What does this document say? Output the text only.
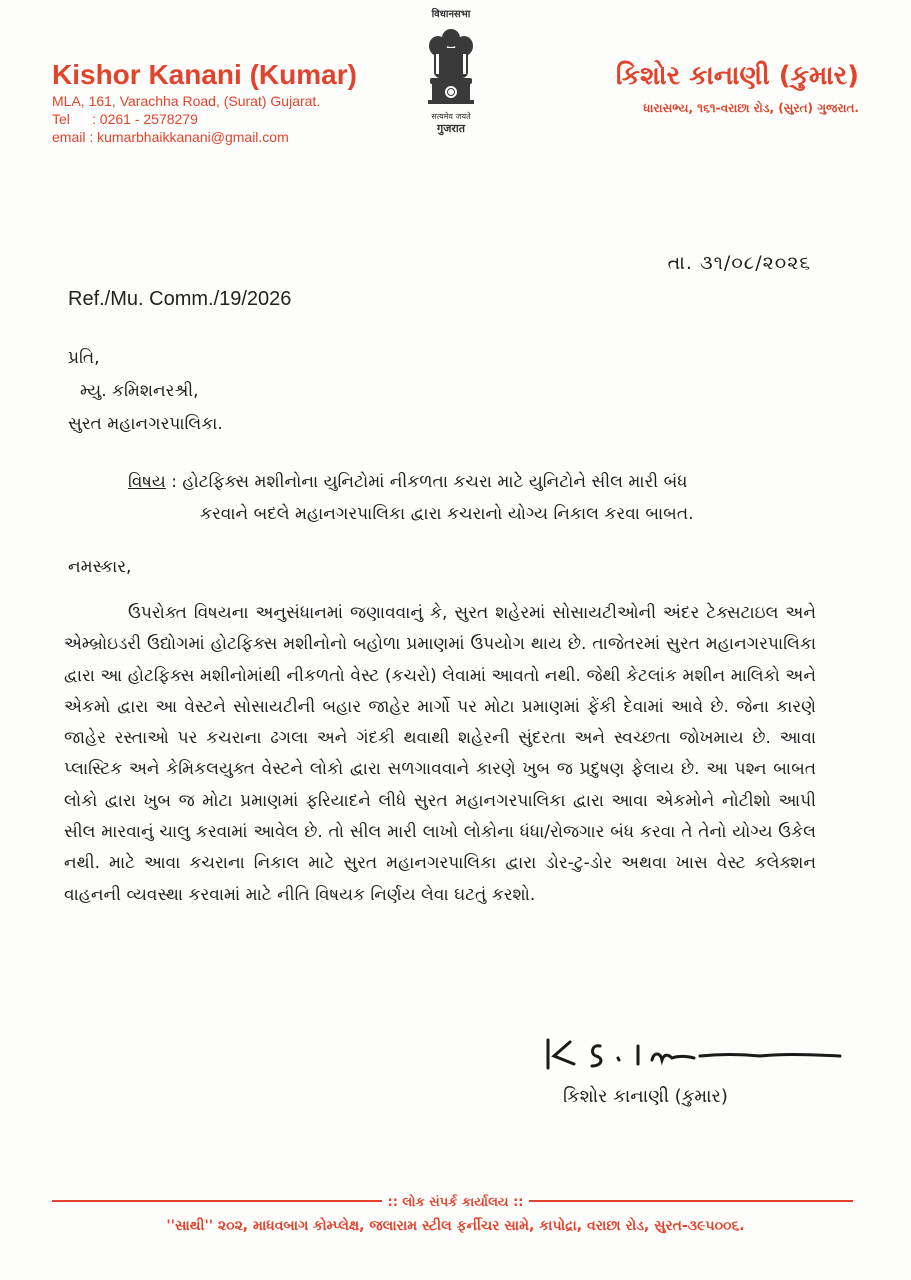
Kishor Kanani (Kumar)
MLA, 161, Varachha Road, (Surat) Gujarat.
Tel : 0261 - 2578279
email : kumarbhaikkanani@gmail.com
विधानसभा
सत्यमेव जयते
गुजरात
કિશોર કાનાણી (કુમાર)
ધારાસભ્ય, ૧૬૧-વરાછા રોડ, (સુરત) ગુજરાત.
તા. ૩૧/૦૮/૨૦૨૬
Ref./Mu. Comm./19/2026
પ્રતિ,
મ્યુ. કમિશનરશ્રી,
સુરત મહાનગરપાલિકા.
વિષય : હોટફિક્સ મશીનોના યુનિટોમાં નીકળતા કચરા માટે યુનિટોને સીલ મારી બંધ
કરવાને બદલે મહાનગરપાલિકા દ્વારા કચરાનો યોગ્ય નિકાલ કરવા બાબત.
નમસ્કાર,
ઉપરોક્ત વિષયના અનુસંધાનમાં જણાવવાનું કે, સુરત શહેરમાં સોસાયટીઓની અંદર ટેક્સટાઇલ અને એમ્બ્રોઇડરી ઉદ્યોગમાં હોટફિક્સ મશીનોનો બહોળા પ્રમાણમાં ઉપયોગ થાય છે. તાજેતરમાં સુરત મહાનગરપાલિકા દ્વારા આ હોટફિક્સ મશીનોમાંથી નીકળતો વેસ્ટ (કચરો) લેવામાં આવતો નથી. જેથી કેટલાંક મશીન માલિકો અને એકમો દ્વારા આ વેસ્ટને સોસાયટીની બહાર જાહેર માર્ગો પર મોટા પ્રમાણમાં ફેંકી દેવામાં આવે છે. જેના કારણે જાહેર રસ્તાઓ પર કચરાના ઢગલા અને ગંદકી થવાથી શહેરની સુંદરતા અને સ્વચ્છતા જોખમાય છે. આવા પ્લાસ્ટિક અને કેમિકલયુક્ત વેસ્ટને લોકો દ્વારા સળગાવવાને કારણે ખુબ જ પ્રદુષણ ફેલાય છે. આ પશ્ન બાબત લોકો દ્વારા ખુબ જ મોટા પ્રમાણમાં ફરિયાદને લીધે સુરત મહાનગરપાલિકા દ્વારા આવા એકમોને નોટીશો આપી સીલ મારવાનું ચાલુ કરવામાં આવેલ છે. તો સીલ મારી લાખો લોકોના ધંધા/રોજગાર બંધ કરવા તે તેનો યોગ્ય ઉકેલ નથી. માટે આવા કચરાના નિકાલ માટે સુરત મહાનગરપાલિકા દ્વારા ડોર-ટુ-ડોર અથવા ખાસ વેસ્ટ કલેક્શન વાહનની વ્યવસ્થા કરવામાં માટે નીતિ વિષયક નિર્ણય લેવા ઘટતું કરશો.
કિશોર કાનાણી (કુમાર)
:: લોક સંપર્ક કાર્યાલય ::
''સાથી'' ૨૦૨, માધવબાગ કોમ્પ્લેક્ષ, જલારામ સ્ટીલ ફર્નીચર સામે, કાપોદ્રા, વરાછા રોડ, સુરત-૩૯૫૦૦૬.
